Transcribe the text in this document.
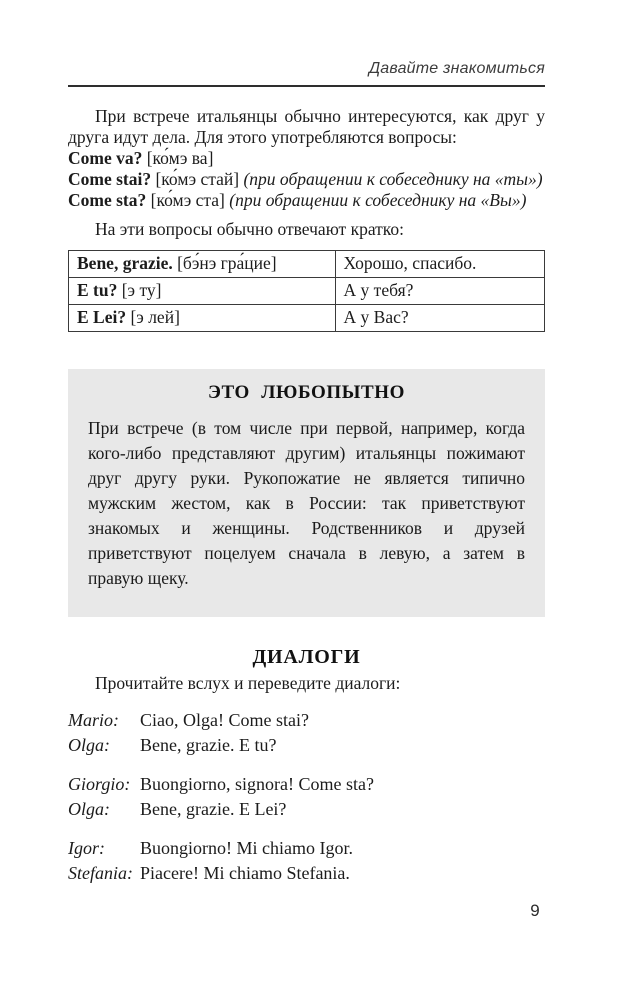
Давайте знакомиться

При встрече итальянцы обычно интересуются, как друг у друга идут дела. Для этого употребляются вопросы:

Come va? [ко́мэ ва]
Come stai? [ко́мэ стай] (при обращении к собеседнику на «ты»)
Come sta? [ко́мэ ста] (при обращении к собеседнику на «Вы»)

На эти вопросы обычно отвечают кратко:

Bene, grazie. [бэ́нэ гра́цие]	Хорошо, спасибо.
E tu? [э ту]	А у тебя?
E Lei? [э лей]	А у Вас?
ЭТО ЛЮБОПЫТНО

При встрече (в том числе при первой, например, когда кого-либо представляют другим) итальянцы пожимают друг другу руки. Рукопожатие не является типично мужским жестом, как в России: так приветствуют знакомых и женщины. Родственников и друзей приветствуют поцелуем сначала в левую, а затем в правую щеку.

ДИАЛОГИ

Прочитайте вслух и переведите диалоги:

Mario:	Ciao, Olga! Come stai?
Olga:	Bene, grazie. E tu?
Giorgio: Buongiorno, signora! Come sta?
Olga:	Bene, grazie. E Lei?
Igor:	Buongiorno! Mi chiamo Igor.
Stefania: Piacere! Mi chiamo Stefania.
9
